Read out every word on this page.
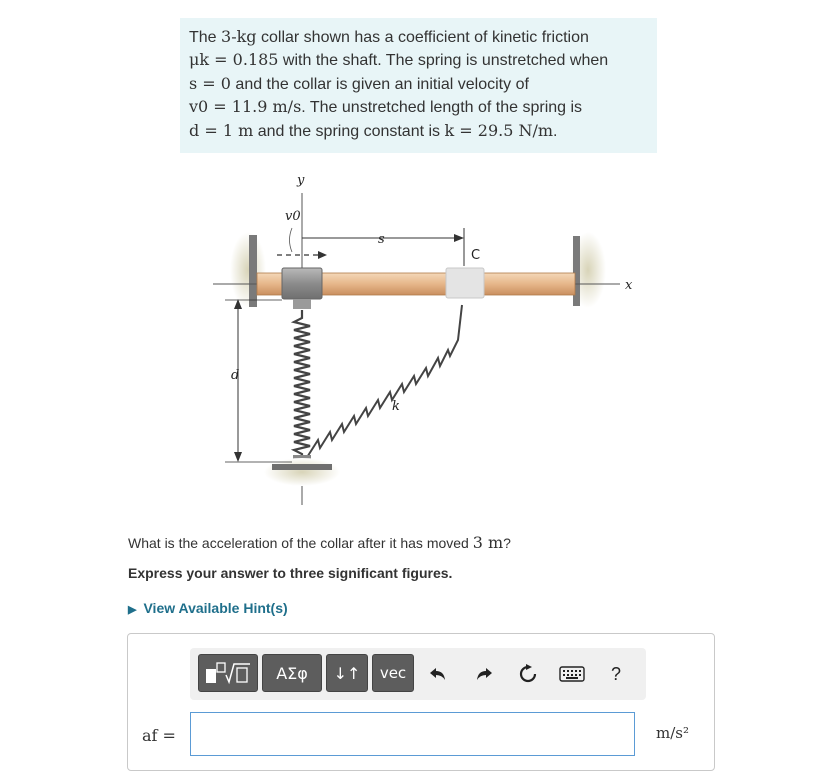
The 3-kg collar shown has a coefficient of kinetic friction
μk = 0.185 with the shaft. The spring is unstretched when
s = 0 and the collar is given an initial velocity of
v0 = 11.9 m/s. The unstretched length of the spring is
d = 1 m and the spring constant is k = 29.5 N/m.
y
v0
s
C
x
d
k
What is the acceleration of the collar after it has moved 3 m?
Express your answer to three significant figures.
▶ View Available Hint(s)
ΑΣφ ↓↑ vec	?
af =	m/s²
